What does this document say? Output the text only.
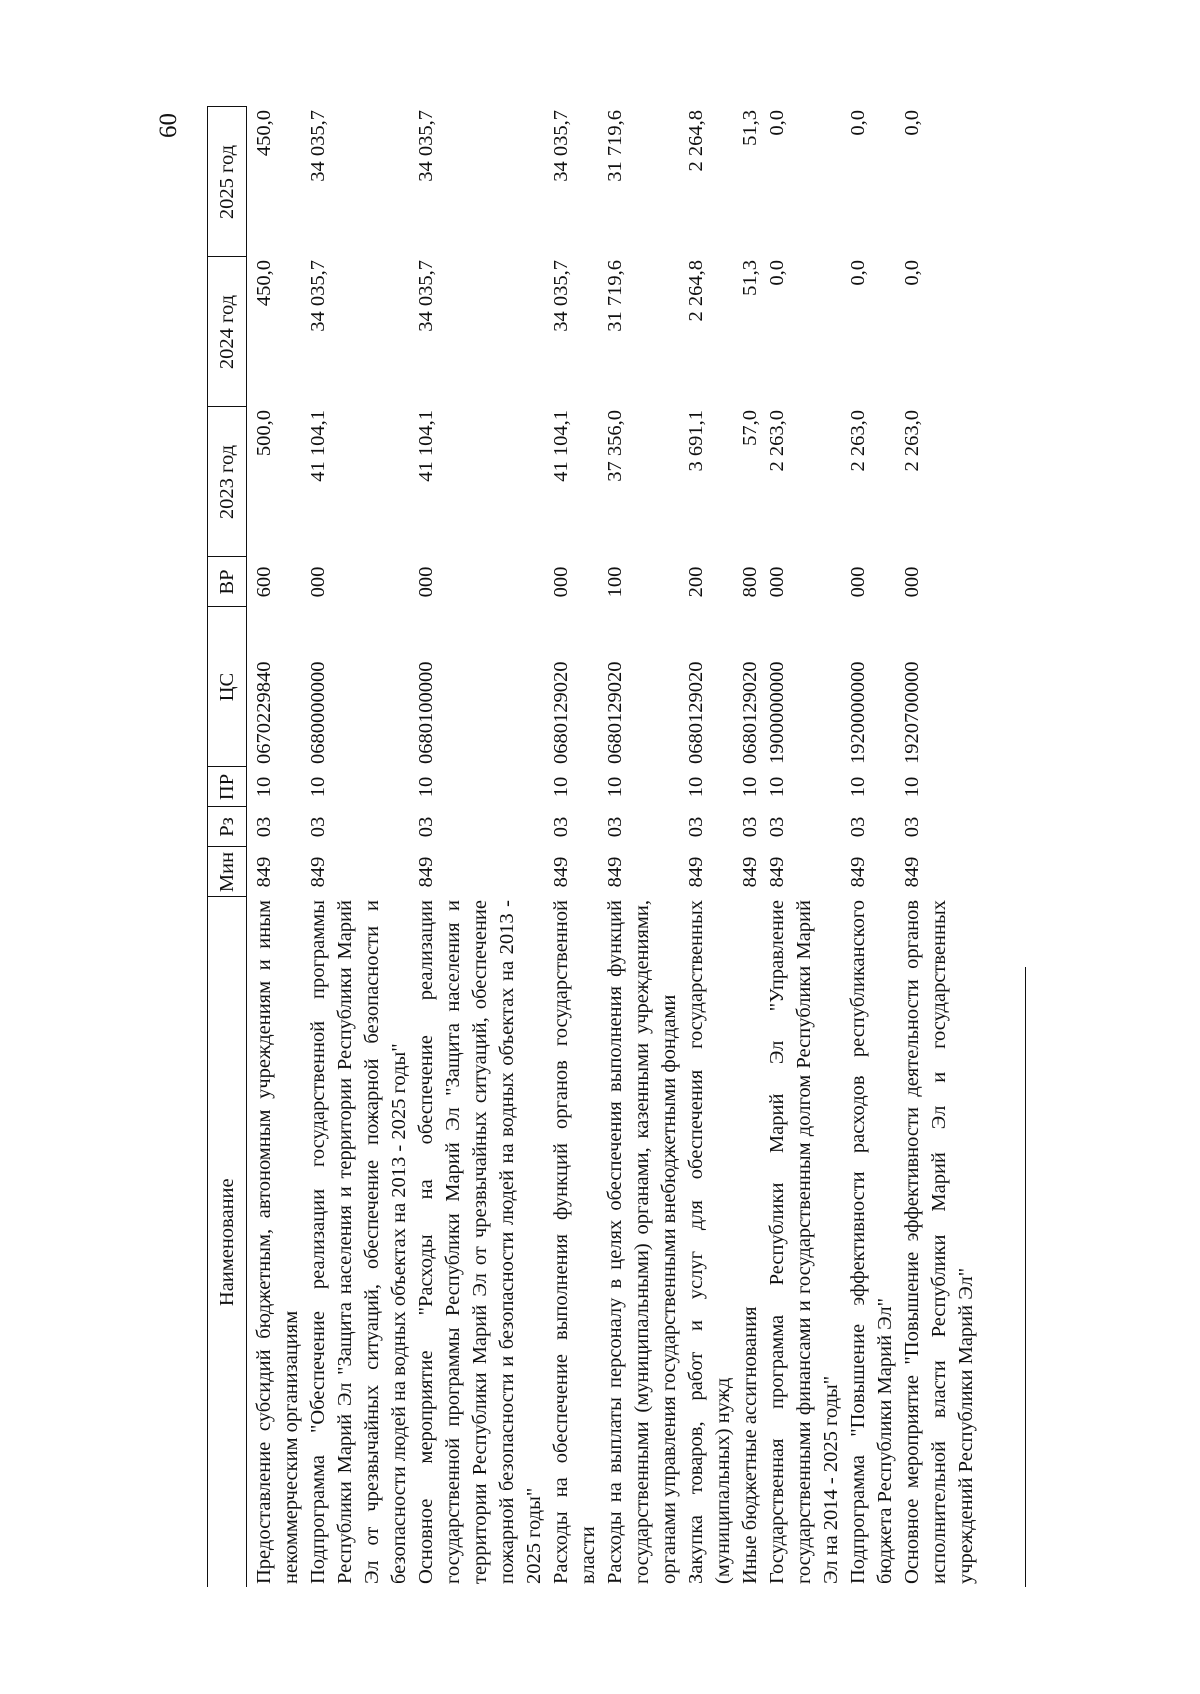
60
Наименование	Мин	Рз	ПР	ЦС	ВР	2023 год	2024 год	2025 год
Предоставление субсидий бюджетным, автономным учреждениям и иным некоммерческим организациям	849	03	10	0670229840	600	500,0	450,0	450,0
Подпрограмма "Обеспечение реализации государственной программы Республики Марий Эл "Защита населения и территории Республики Марий Эл от чрезвычайных ситуаций, обеспечение пожарной безопасности и безопасности людей на водных объектах на 2013 - 2025 годы"	849	03	10	0680000000	000	41 104,1	34 035,7	34 035,7
Основное мероприятие "Расходы на обеспечение реализации государственной программы Республики Марий Эл "Защита населения и территории Республики Марий Эл от чрезвычайных ситуаций, обеспечение пожарной безопасности и безопасности людей на водных объектах на 2013 - 2025 годы"	849	03	10	0680100000	000	41 104,1	34 035,7	34 035,7
Расходы на обеспечение выполнения функций органов государственной власти	849	03	10	0680129020	000	41 104,1	34 035,7	34 035,7
Расходы на выплаты персоналу в целях обеспечения выполнения функций государственными (муниципальными) органами, казенными учреждениями, органами управления государственными внебюджетными фондами	849	03	10	0680129020	100	37 356,0	31 719,6	31 719,6
Закупка товаров, работ и услуг для обеспечения государственных (муниципальных) нужд	849	03	10	0680129020	200	3 691,1	2 264,8	2 264,8
Иные бюджетные ассигнования	849	03	10	0680129020	800	57,0	51,3	51,3
Государственная программа Республики Марий Эл "Управление государственными финансами и государственным долгом Республики Марий Эл на 2014 - 2025 годы"	849	03	10	1900000000	000	2 263,0	0,0	0,0
Подпрограмма "Повышение эффективности расходов республиканского бюджета Республики Марий Эл"	849	03	10	1920000000	000	2 263,0	0,0	0,0
Основное мероприятие "Повышение эффективности деятельности органов исполнительной власти Республики Марий Эл и государственных учреждений Республики Марий Эл"	849	03	10	1920700000	000	2 263,0	0,0	0,0
